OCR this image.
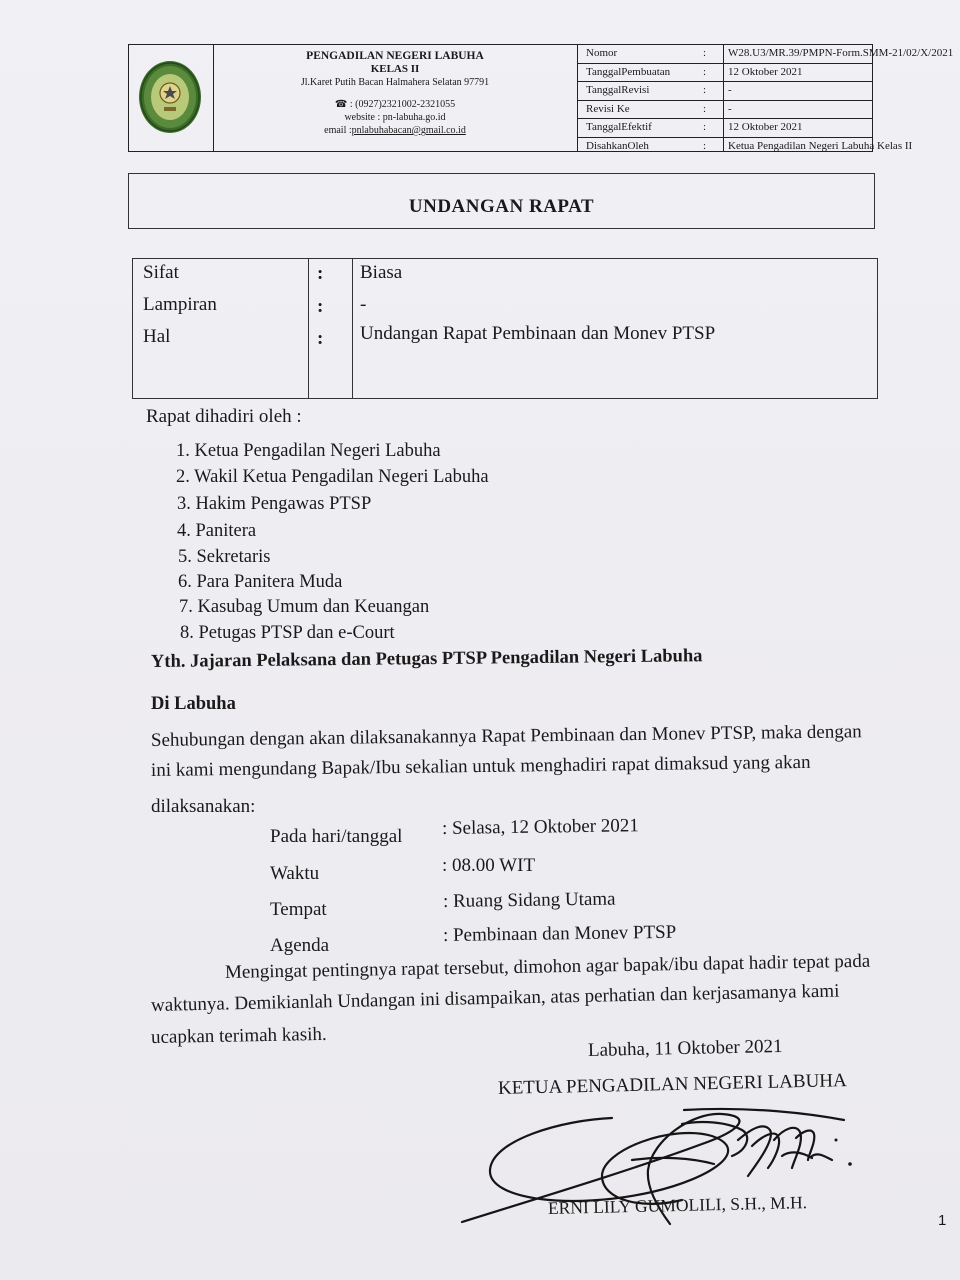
PENGADILAN NEGERI LABUHA
KELAS II
Jl.Karet Putih Bacan Halmahera Selatan 97791
☎ : (0927)2321002-2321055
website : pn-labuha.go.id
email :pnlabuhabacan@gmail.co.id
Nomor	: W28.U3/MR.39/PMPN-Form.SMM-21/02/X/2021
TanggalPembuatan	: 12 Oktober 2021
TanggalRevisi	: -
Revisi Ke	: -
TanggalEfektif	: 12 Oktober 2021
DisahkanOleh	: Ketua Pengadilan Negeri Labuha Kelas II
UNDANGAN RAPAT
Sifat	: Biasa
Lampiran	: -
Hal	: Undangan Rapat Pembinaan dan Monev PTSP
Rapat dihadiri oleh :
1. Ketua Pengadilan Negeri Labuha
2. Wakil Ketua Pengadilan Negeri Labuha
3. Hakim Pengawas PTSP
4. Panitera
5. Sekretaris
6. Para Panitera Muda
7. Kasubag Umum dan Keuangan
8. Petugas PTSP dan e-Court
Yth. Jajaran Pelaksana dan Petugas PTSP Pengadilan Negeri Labuha
Di Labuha
Sehubungan dengan akan dilaksanakannya Rapat Pembinaan dan Monev PTSP, maka dengan
ini kami mengundang Bapak/Ibu sekalian untuk menghadiri rapat dimaksud yang akan
dilaksanakan:
Pada hari/tanggal : Selasa, 12 Oktober 2021
Waktu	: 08.00 WIT
Tempat	: Ruang Sidang Utama
Agenda	: Pembinaan dan Monev PTSP
Mengingat pentingnya rapat tersebut, dimohon agar bapak/ibu dapat hadir tepat pada
waktunya. Demikianlah Undangan ini disampaikan, atas perhatian dan kerjasamanya kami
ucapkan terimah kasih.	Labuha, 11 Oktober 2021
KETUA PENGADILAN NEGERI LABUHA
ERNI LILY GUMOLILI, S.H., M.H.
1
